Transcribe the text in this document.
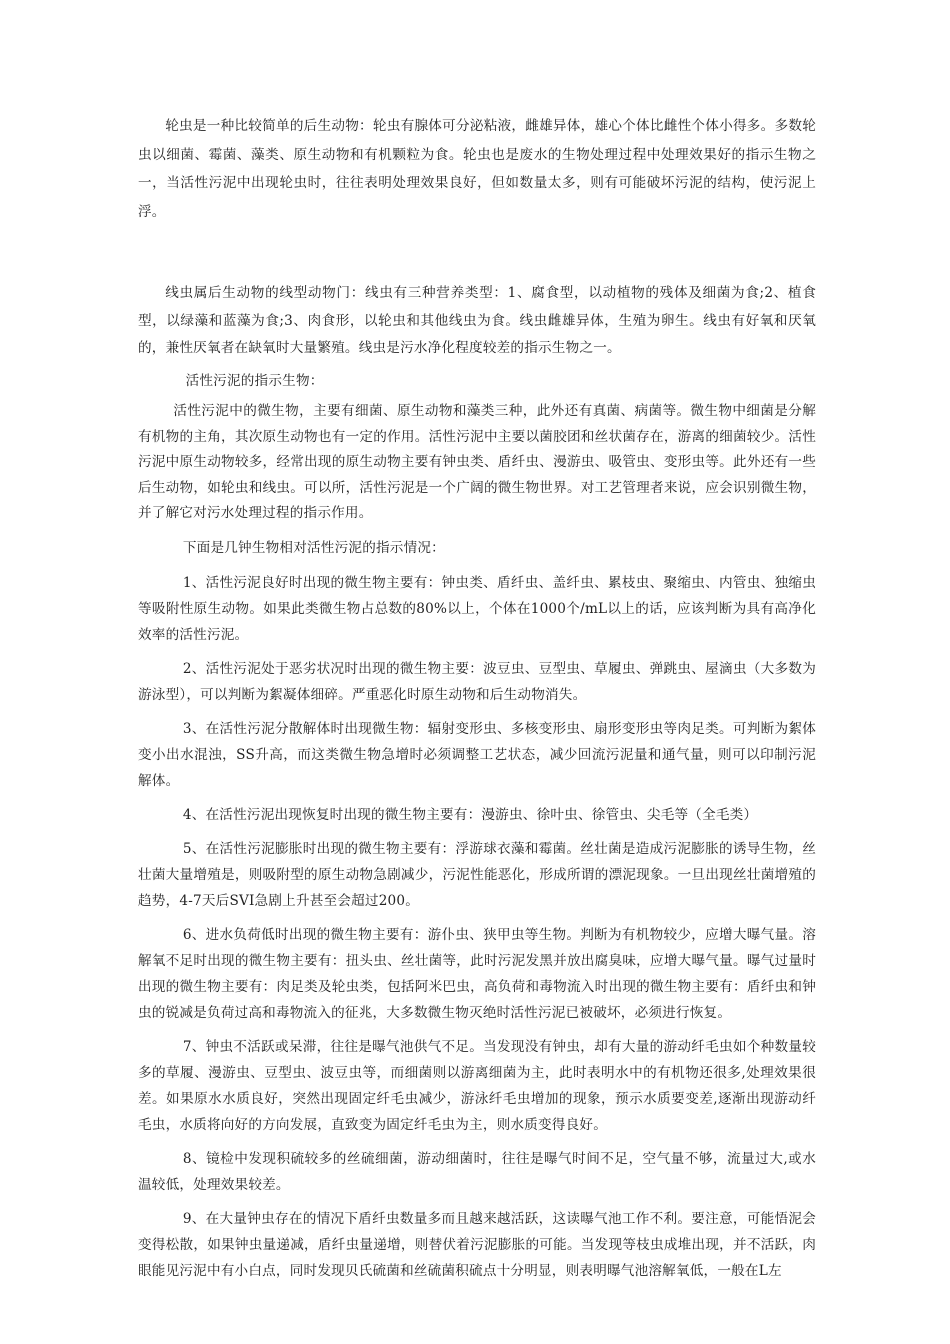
轮虫是一种比较简单的后生动物：轮虫有腺体可分泌粘液，雌雄异体，雄心个体比雌性个体小得多。多数轮虫以细菌、霉菌、藻类、原生动物和有机颗粒为食。轮虫也是废水的生物处理过程中处理效果好的指示生物之一，当活性污泥中出现轮虫时，往往表明处理效果良好，但如数量太多，则有可能破坏污泥的结构，使污泥上浮。

线虫属后生动物的线型动物门：线虫有三种营养类型：1、腐食型，以动植物的残体及细菌为食;2、植食型，以绿藻和蓝藻为食;3、肉食形，以轮虫和其他线虫为食。线虫雌雄异体，生殖为卵生。线虫有好氧和厌氧的，兼性厌氧者在缺氧时大量繁殖。线虫是污水净化程度较差的指示生物之一。

活性污泥的指示生物：

活性污泥中的微生物，主要有细菌、原生动物和藻类三种，此外还有真菌、病菌等。微生物中细菌是分解有机物的主角，其次原生动物也有一定的作用。活性污泥中主要以菌胶团和丝状菌存在，游离的细菌较少。活性污泥中原生动物较多，经常出现的原生动物主要有钟虫类、盾纤虫、漫游虫、吸管虫、变形虫等。此外还有一些后生动物，如轮虫和线虫。可以所，活性污泥是一个广阔的微生物世界。对工艺管理者来说，应会识别微生物，并了解它对污水处理过程的指示作用。

下面是几钟生物相对活性污泥的指示情况：

1、活性污泥良好时出现的微生物主要有：钟虫类、盾纤虫、盖纤虫、累枝虫、聚缩虫、内管虫、独缩虫等吸附性原生动物。如果此类微生物占总数的80%以上，个体在1000个/mL以上的话，应该判断为具有高净化效率的活性污泥。

2、活性污泥处于恶劣状况时出现的微生物主要：波豆虫、豆型虫、草履虫、弹跳虫、屋滴虫（大多数为游泳型），可以判断为絮凝体细碎。严重恶化时原生动物和后生动物消失。

3、在活性污泥分散解体时出现微生物：辐射变形虫、多核变形虫、扇形变形虫等肉足类。可判断为絮体变小出水混浊，SS升高，而这类微生物急增时必须调整工艺状态，减少回流污泥量和通气量，则可以印制污泥解体。

4、在活性污泥出现恢复时出现的微生物主要有：漫游虫、徐叶虫、徐管虫、尖毛等（全毛类）

5、在活性污泥膨胀时出现的微生物主要有：浮游球衣藻和霉菌。丝壮菌是造成污泥膨胀的诱导生物，丝壮菌大量增殖是，则吸附型的原生动物急剧减少，污泥性能恶化，形成所谓的漂泥现象。一旦出现丝壮菌增殖的趋势，4-7天后SVI急剧上升甚至会超过200。

6、进水负荷低时出现的微生物主要有：游仆虫、狭甲虫等生物。判断为有机物较少，应增大曝气量。溶解氧不足时出现的微生物主要有：扭头虫、丝壮菌等，此时污泥发黑并放出腐臭味，应增大曝气量。曝气过量时出现的微生物主要有：肉足类及轮虫类，包括阿米巴虫，高负荷和毒物流入时出现的微生物主要有：盾纤虫和钟虫的锐减是负荷过高和毒物流入的征兆，大多数微生物灭绝时活性污泥已被破坏，必须进行恢复。

7、钟虫不活跃或呆滞，往往是曝气池供气不足。当发现没有钟虫，却有大量的游动纤毛虫如个种数量较多的草履、漫游虫、豆型虫、波豆虫等，而细菌则以游离细菌为主，此时表明水中的有机物还很多,处理效果很差。如果原水水质良好，突然出现固定纤毛虫减少，游泳纤毛虫增加的现象，预示水质要变差,逐渐出现游动纤毛虫，水质将向好的方向发展，直致变为固定纤毛虫为主，则水质变得良好。

8、镜检中发现积硫较多的丝硫细菌，游动细菌时，往往是曝气时间不足，空气量不够，流量过大,或水温较低，处理效果较差。

9、在大量钟虫存在的情况下盾纤虫数量多而且越来越活跃，这读曝气池工作不利。要注意，可能悟泥会变得松散，如果钟虫量递减，盾纤虫量递增，则替伏着污泥膨胀的可能。当发现等枝虫成堆出现，并不活跃，肉眼能见污泥中有小白点，同时发现贝氏硫菌和丝硫菌积硫点十分明显，则表明曝气池溶解氧低，一般在L左
